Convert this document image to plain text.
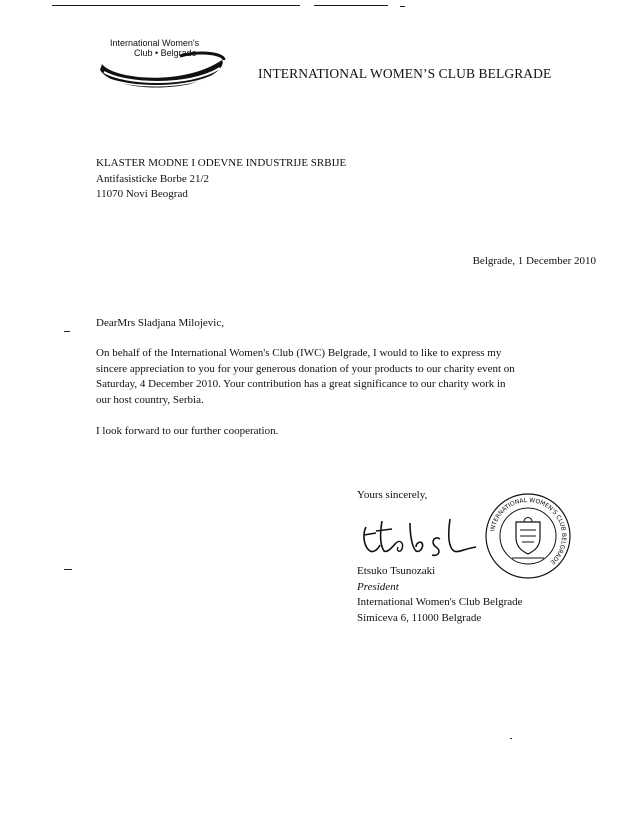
International Women's
Club • Belgrade
INTERNATIONAL WOMEN’S CLUB BELGRADE
KLASTER MODNE I ODEVNE INDUSTRIJE SRBIJE
Antifasisticke Borbe 21/2
11070 Novi Beograd
Belgrade, 1 December 2010
DearMrs Sladjana Milojevic,
On behalf of the International Women's Club (IWC) Belgrade, I would to like to express my
sincere appreciation to you for your generous donation of your products to our charity event on
Saturday, 4 December 2010. Your contribution has a great significance to our charity work in
our host country, Serbia.
I look forward to our further cooperation.
Yours sincerely,
INTERNATIONAL WOMEN'S CLUB BELGRADE
Etsuko Tsunozaki
President
International Women's Club Belgrade
Simiceva 6, 11000 Belgrade
